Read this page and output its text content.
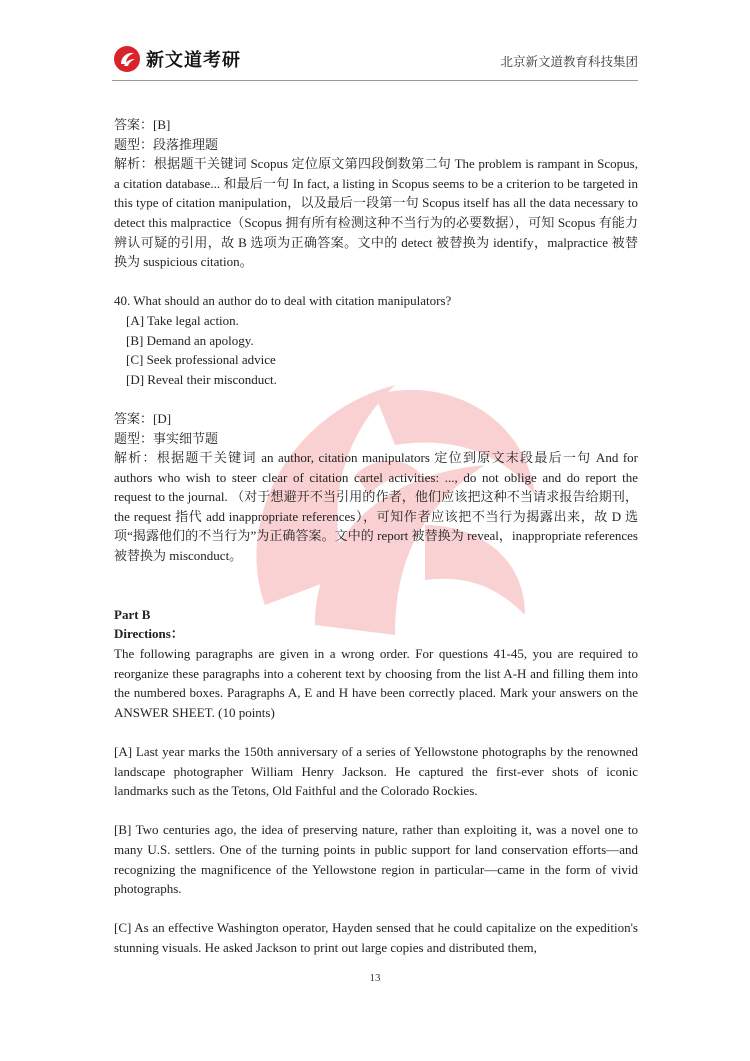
新文道考研	北京新文道教育科技集团

答案：[B]

题型：段落推理题

解析：根据题干关键词 Scopus 定位原文第四段倒数第二句 The problem is rampant in Scopus, a citation database... 和最后一句 In fact, a listing in Scopus seems to be a criterion to be targeted in this type of citation manipulation，以及最后一段第一句 Scopus itself has all the data necessary to detect this malpractice（Scopus 拥有所有检测这种不当行为的必要数据），可知 Scopus 有能力辨认可疑的引用，故 B 选项为正确答案。文中的 detect 被替换为 identify，malpractice 被替换为 suspicious citation。

40. What should an author do to deal with citation manipulators?

[A] Take legal action.

[B] Demand an apology.

[C] Seek professional advice

[D] Reveal their misconduct.

答案：[D]

题型：事实细节题

解析：根据题干关键词 an author, citation manipulators 定位到原文末段最后一句 And for authors who wish to steer clear of citation cartel activities: ..., do not oblige and do report the request to the journal. （对于想避开不当引用的作者，他们应该把这种不当请求报告给期刊，the request 指代 add inappropriate references），可知作者应该把不当行为揭露出来，故 D 选项“揭露他们的不当行为”为正确答案。文中的 report 被替换为 reveal，inappropriate references 被替换为 misconduct。

Part B

Directions：

The following paragraphs are given in a wrong order. For questions 41-45, you are required to reorganize these paragraphs into a coherent text by choosing from the list A-H and filling them into the numbered boxes. Paragraphs A, E and H have been correctly placed. Mark your answers on the ANSWER SHEET. (10 points)

[A] Last year marks the 150th anniversary of a series of Yellowstone photographs by the renowned landscape photographer William Henry Jackson. He captured the first-ever shots of iconic landmarks such as the Tetons, Old Faithful and the Colorado Rockies.

[B] Two centuries ago, the idea of preserving nature, rather than exploiting it, was a novel one to many U.S. settlers. One of the turning points in public support for land conservation efforts—and recognizing the magnificence of the Yellowstone region in particular—came in the form of vivid photographs.

[C] As an effective Washington operator, Hayden sensed that he could capitalize on the expedition's stunning visuals. He asked Jackson to print out large copies and distributed them,

13
